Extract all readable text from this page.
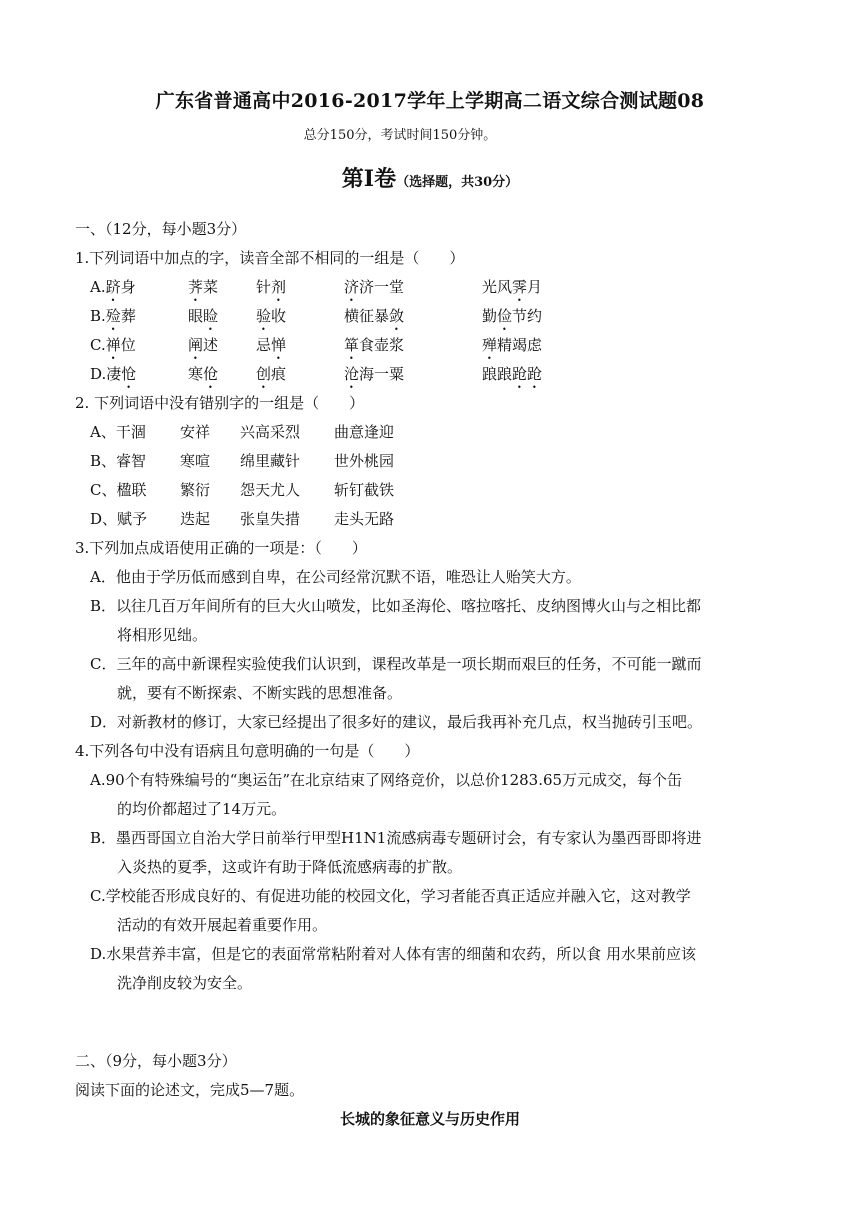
广东省普通高中2016-2017学年上学期高二语文综合测试题08
总分150分，考试时间150分钟。
第Ⅰ卷（选择题，共30分）
一、（12分，每小题3分）
1.下列词语中加点的字，读音全部不相同的一组是（　　）
A.跻身	荠菜	针剂	济济一堂	光风霁月
B.殓葬	眼睑	验收	横征暴敛	勤俭节约
C.禅位	阐述	忌惮	箪食壶浆	殚精竭虑
D.凄怆	寒伧	创痕	沧海一粟	踉踉跄跄
2. 下列词语中没有错别字的一组是（　　）
A、干涸 安祥 兴高采烈 曲意逢迎
B、睿智 寒喧 绵里藏针 世外桃园
C、楹联 繁衍 怨天尤人 斩钉截铁
D、赋予 迭起 张皇失措 走头无路
3.下列加点成语使用正确的一项是：（　　）
A．他由于学历低而感到自卑，在公司经常沉默不语，唯恐让人贻笑大方。
B．以往几百万年间所有的巨大火山喷发，比如圣海伦、喀拉喀托、皮纳图博火山与之相比都
将相形见绌。
C．三年的高中新课程实验使我们认识到，课程改革是一项长期而艰巨的任务，不可能一蹴而
就，要有不断探索、不断实践的思想准备。
D．对新教材的修订，大家已经提出了很多好的建议，最后我再补充几点，权当抛砖引玉吧。
4.下列各句中没有语病且句意明确的一句是（　　）
A.90个有特殊编号的“奥运缶”在北京结束了网络竞价，以总价1283.65万元成交，每个缶
的均价都超过了14万元。
B．墨西哥国立自治大学日前举行甲型H1N1流感病毒专题研讨会，有专家认为墨西哥即将进
入炎热的夏季，这或许有助于降低流感病毒的扩散。
C.学校能否形成良好的、有促进功能的校园文化，学习者能否真正适应并融入它，这对教学
活动的有效开展起着重要作用。
D.水果营养丰富，但是它的表面常常粘附着对人体有害的细菌和农药，所以食 用水果前应该
洗净削皮较为安全。
二、（9分，每小题3分）
阅读下面的论述文，完成5—7题。
长城的象征意义与历史作用
